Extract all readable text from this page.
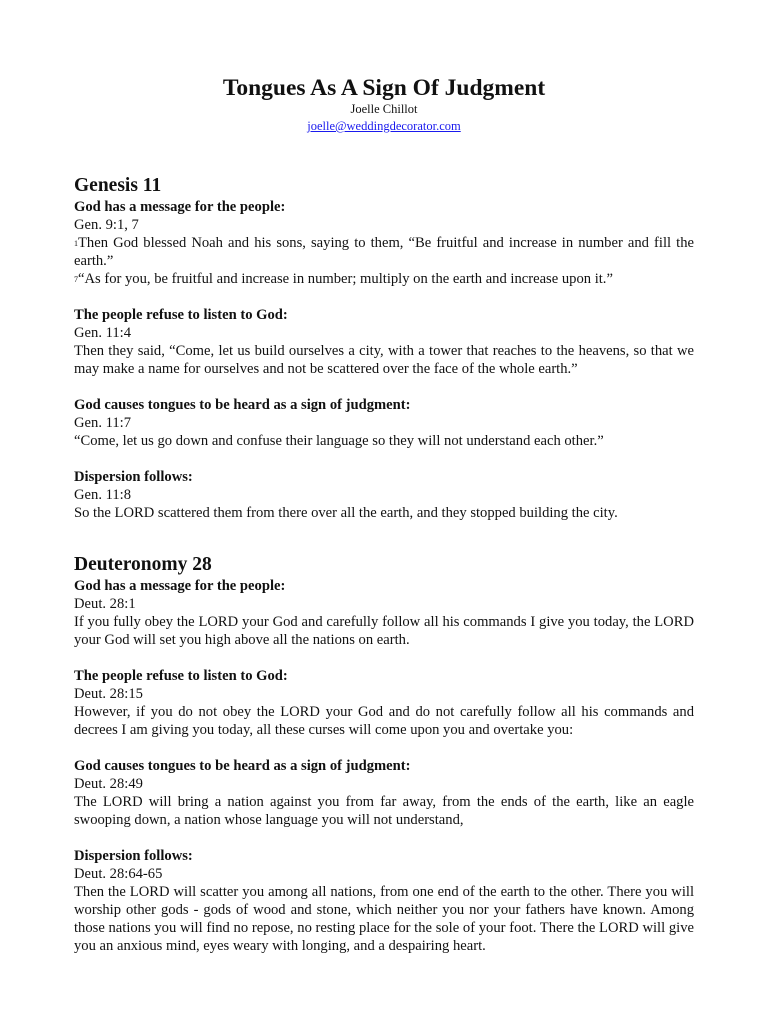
Tongues As A Sign Of Judgment
Joelle Chillot
joelle@weddingdecorator.com
Genesis 11

God has a message for the people:

Gen. 9:1, 7

$^1$Then God blessed Noah and his sons, saying to them, “Be fruitful and increase in number and fill the earth.”

$^7$“As for you, be fruitful and increase in number; multiply on the earth and increase upon it.”

The people refuse to listen to God:

Gen. 11:4

Then they said, “Come, let us build ourselves a city, with a tower that reaches to the heavens, so that we may make a name for ourselves and not be scattered over the face of the whole earth.”

God causes tongues to be heard as a sign of judgment:

Gen. 11:7

“Come, let us go down and confuse their language so they will not understand each other.”

Dispersion follows:

Gen. 11:8

So the LORD scattered them from there over all the earth, and they stopped building the city.

Deuteronomy 28

God has a message for the people:

Deut. 28:1

If you fully obey the LORD your God and carefully follow all his commands I give you today, the LORD your God will set you high above all the nations on earth.

The people refuse to listen to God:

Deut. 28:15

However, if you do not obey the LORD your God and do not carefully follow all his commands and decrees I am giving you today, all these curses will come upon you and overtake you:

God causes tongues to be heard as a sign of judgment:

Deut. 28:49

The LORD will bring a nation against you from far away, from the ends of the earth, like an eagle swooping down, a nation whose language you will not understand,

Dispersion follows:

Deut. 28:64-65

Then the LORD will scatter you among all nations, from one end of the earth to the other. There you will worship other gods - gods of wood and stone, which neither you nor your fathers have known. Among those nations you will find no repose, no resting place for the sole of your foot. There the LORD will give you an anxious mind, eyes weary with longing, and a despairing heart.
